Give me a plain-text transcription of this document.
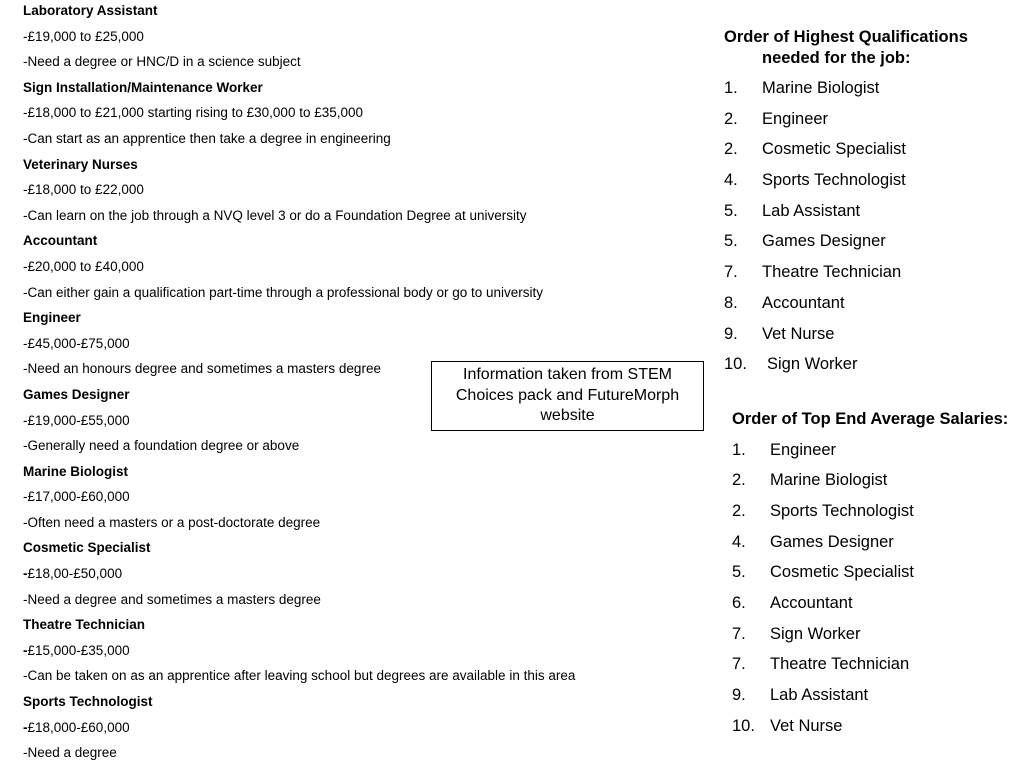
Laboratory Assistant
-£19,000 to £25,000
-Need a degree or HNC/D in a science subject
Sign Installation/Maintenance Worker
-£18,000 to £21,000 starting rising to £30,000 to £35,000
-Can start as an apprentice then take a degree in engineering
Veterinary Nurses
-£18,000 to £22,000
-Can learn on the job through a NVQ level 3 or do a Foundation Degree at university
Accountant
-£20,000 to £40,000
-Can either gain a qualification part-time through a professional body or go to university
Engineer
-£45,000-£75,000
-Need an honours degree and sometimes a masters degree
Games Designer
-£19,000-£55,000
-Generally need a foundation degree or above
Marine Biologist
-£17,000-£60,000
-Often need a masters or a post-doctorate degree
Cosmetic Specialist
-£18,00-£50,000
-Need a degree and sometimes a masters degree
Theatre Technician
-£15,000-£35,000
-Can be taken on as an apprentice after leaving school but degrees are available in this area
Sports Technologist
-£18,000-£60,000
-Need a degree
Information taken from STEM Choices pack and FutureMorph website
Order of Highest Qualifications needed for the job:
1.	Marine Biologist
2.	Engineer
2.	Cosmetic Specialist
4.	Sports Technologist
5.	Lab Assistant
5.	Games Designer
7.	Theatre Technician
8.	Accountant
9.	Vet Nurse
10.	Sign Worker
Order of Top End Average Salaries:
1.	Engineer
2.	Marine Biologist
2.	Sports Technologist
4.	Games Designer
5.	Cosmetic Specialist
6.	Accountant
7.	Sign Worker
7.	Theatre Technician
9.	Lab Assistant
10. Vet Nurse
